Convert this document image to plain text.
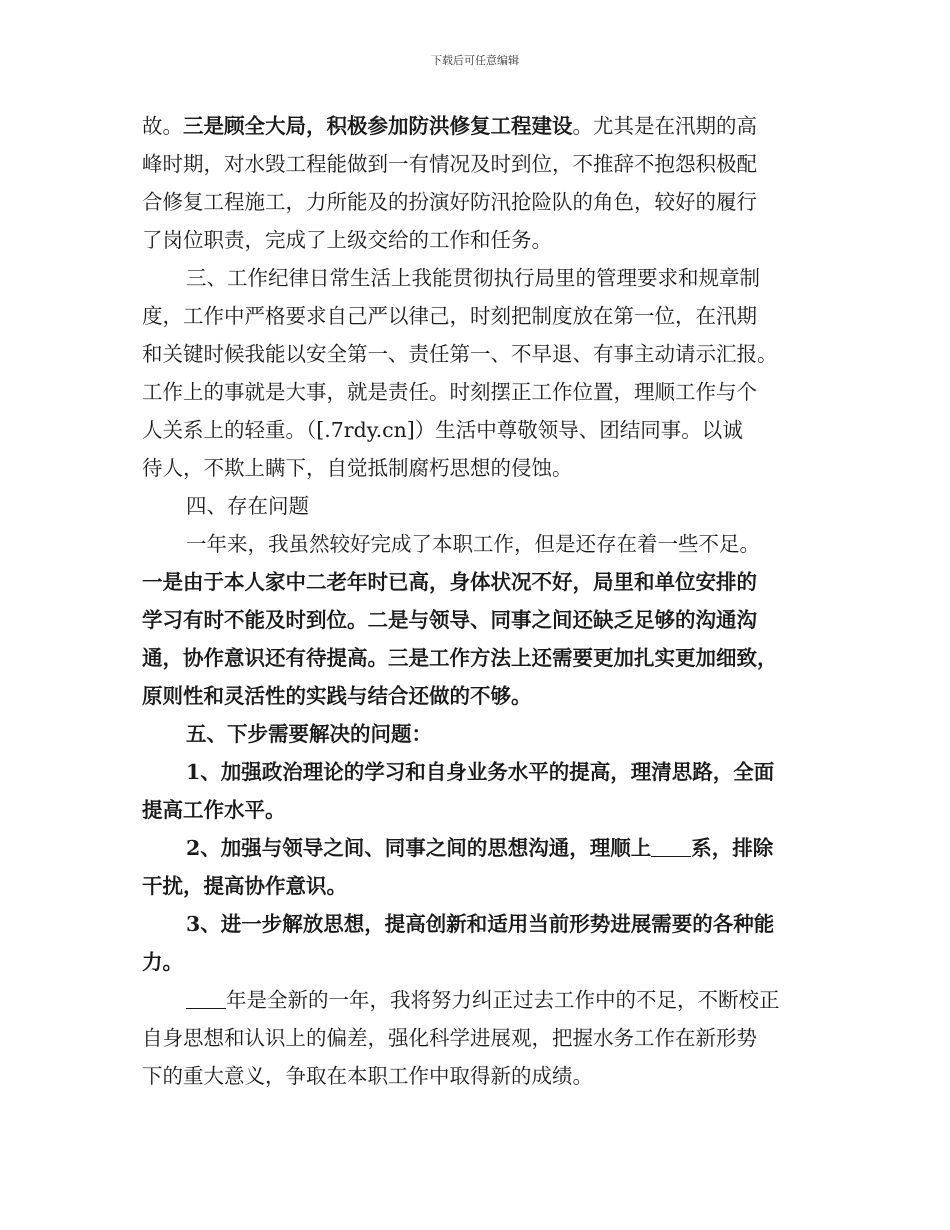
下载后可任意编辑
故。三是顾全大局，积极参加防洪修复工程建设。尤其是在汛期的高
峰时期，对水毁工程能做到一有情况及时到位，不推辞不抱怨积极配
合修复工程施工，力所能及的扮演好防汛抢险队的角色，较好的履行
了岗位职责，完成了上级交给的工作和任务。
三、工作纪律日常生活上我能贯彻执行局里的管理要求和规章制
度，工作中严格要求自己严以律己，时刻把制度放在第一位，在汛期
和关键时候我能以安全第一、责任第一、不早退、有事主动请示汇报。
工作上的事就是大事，就是责任。时刻摆正工作位置，理顺工作与个
人关系上的轻重。（[.7rdy.cn]）生活中尊敬领导、团结同事。以诚
待人，不欺上瞒下，自觉抵制腐朽思想的侵蚀。
四、存在问题
一年来，我虽然较好完成了本职工作，但是还存在着一些不足。
一是由于本人家中二老年时已高，身体状况不好，局里和单位安排的
学习有时不能及时到位。二是与领导、同事之间还缺乏足够的沟通沟
通，协作意识还有待提高。三是工作方法上还需要更加扎实更加细致，
原则性和灵活性的实践与结合还做的不够。
五、下步需要解决的问题：
1、加强政治理论的学习和自身业务水平的提高，理清思路，全面
提高工作水平。
2、加强与领导之间、同事之间的思想沟通，理顺上 系，排除
干扰，提高协作意识。
3、进一步解放思想，提高创新和适用当前形势进展需要的各种能
力。
年是全新的一年，我将努力纠正过去工作中的不足，不断校正
自身思想和认识上的偏差，强化科学进展观，把握水务工作在新形势
下的重大意义，争取在本职工作中取得新的成绩。
